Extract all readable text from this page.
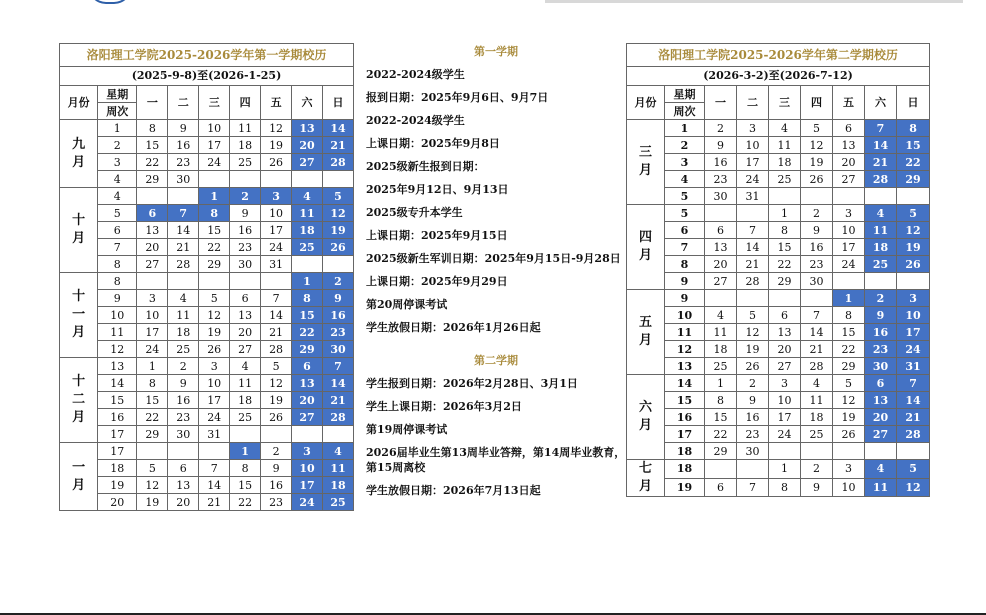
洛阳理工学院2025-2026学年第一学期校历								
(2025-9-8)至(2026-1-25)								
月份	星期	一	二	三	四	五	六	日
	周次							
九
月	1	8	9	10	11	12	13	14
	2	15	16	17	18	19	20	21
	3	22	23	24	25	26	27	28
	4	29	30					
十
月	4			1	2	3	4	5
	5	6	7	8	9	10	11	12
	6	13	14	15	16	17	18	19
	7	20	21	22	23	24	25	26
	8	27	28	29	30	31		
十
一
月	8						1	2
	9	3	4	5	6	7	8	9
	10	10	11	12	13	14	15	16
	11	17	18	19	20	21	22	23
	12	24	25	26	27	28	29	30
十
二
月	13	1	2	3	4	5	6	7
	14	8	9	10	11	12	13	14
	15	15	16	17	18	19	20	21
	16	22	23	24	25	26	27	28
	17	29	30	31				
一
月	17				1	2	3	4
	18	5	6	7	8	9	10	11
	19	12	13	14	15	16	17	18
	20	19	20	21	22	23	24	25
第一学期
2022-2024级学生
报到日期：2025年9月6日、9月7日
2022-2024级学生
上课日期：2025年9月8日
2025级新生报到日期：
2025年9月12日、9月13日
2025级专升本学生
上课日期：2025年9月15日
2025级新生军训日期：2025年9月15日-9月28日
上课日期：2025年9月29日
第20周停课考试
学生放假日期：2026年1月26日起
第二学期
学生报到日期：2026年2月28日、3月1日
学生上课日期：2026年3月2日
第19周停课考试
2026届毕业生第13周毕业答辩，第14周毕业教育，第15周离校
学生放假日期：2026年7月13日起
洛阳理工学院2025-2026学年第二学期校历								
(2026-3-2)至(2026-7-12)								
月份	星期	一	二	三	四	五	六	日
	周次							
三
月	1	2	3	4	5	6	7	8
	2	9	10	11	12	13	14	15
	3	16	17	18	19	20	21	22
	4	23	24	25	26	27	28	29
	5	30	31					
四
月	5			1	2	3	4	5
	6	6	7	8	9	10	11	12
	7	13	14	15	16	17	18	19
	8	20	21	22	23	24	25	26
	9	27	28	29	30			
五
月	9					1	2	3
	10	4	5	6	7	8	9	10
	11	11	12	13	14	15	16	17
	12	18	19	20	21	22	23	24
	13	25	26	27	28	29	30	31
六
月	14	1	2	3	4	5	6	7
	15	8	9	10	11	12	13	14
	16	15	16	17	18	19	20	21
	17	22	23	24	25	26	27	28
	18	29	30					
七
月	18			1	2	3	4	5
	19	6	7	8	9	10	11	12
